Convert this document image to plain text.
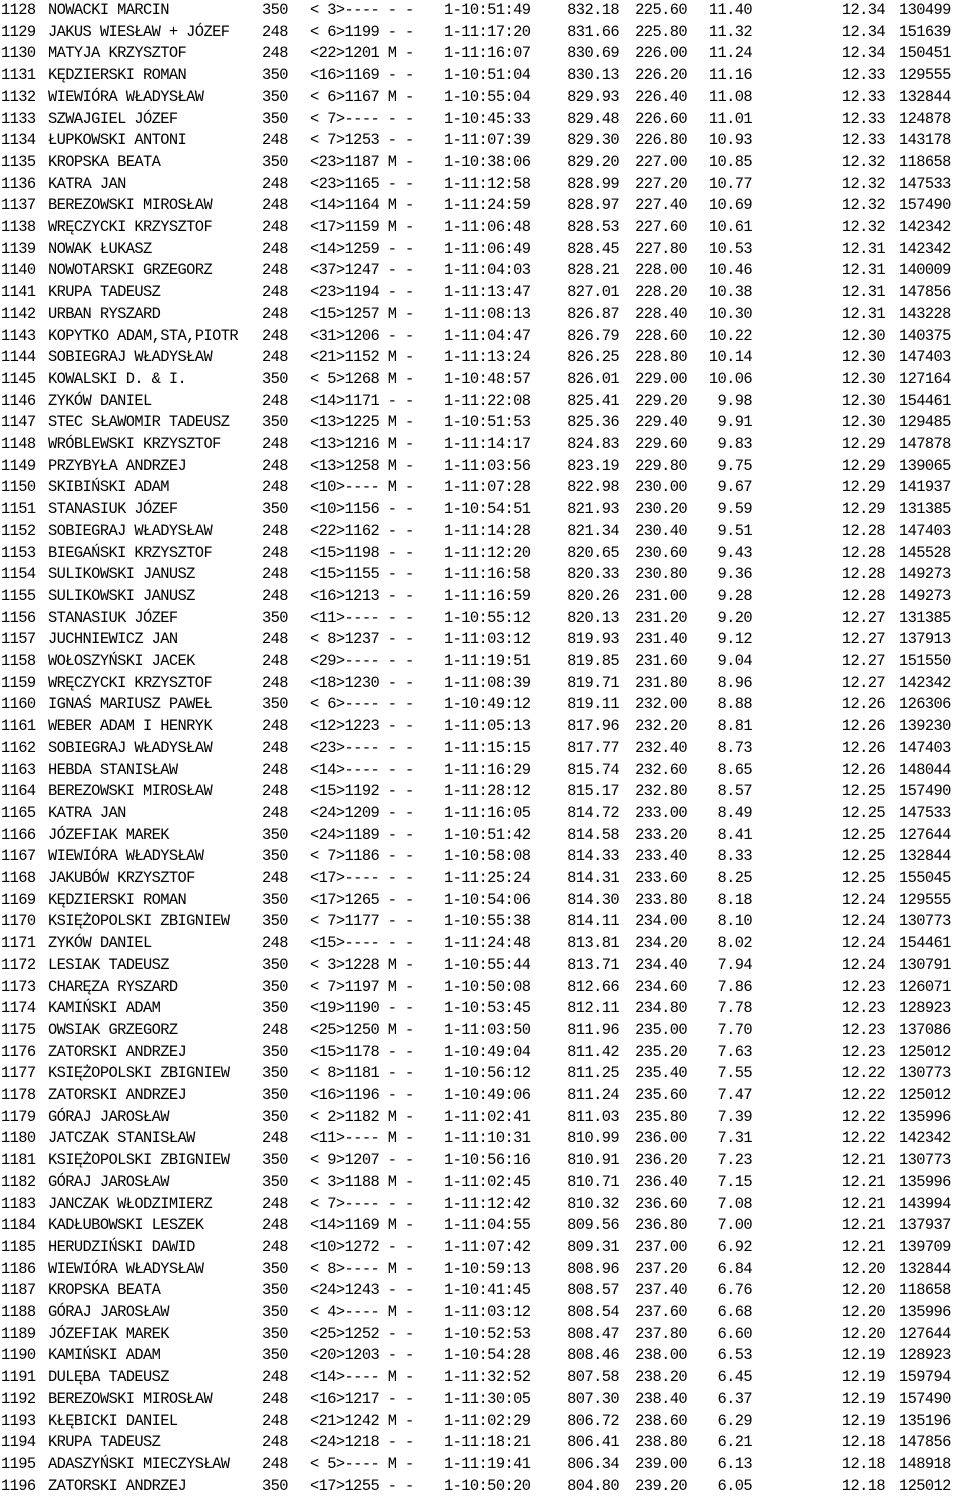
1128 NOWACKI MARCIN	350 < 3>---- - - 1-10:51:49 832.18 225.60 11.40	12.34 130499
1129 JAKUS WIESŁAW + JÓZEF 248 < 6>1199 - - 1-11:17:20 831.66 225.80 11.32	12.34 151639
1130 MATYJA KRZYSZTOF	248 <22>1201 M - 1-11:16:07 830.69 226.00 11.24	12.34 150451
1131 KĘDZIERSKI ROMAN	350 <16>1169 - - 1-10:51:04 830.13 226.20 11.16	12.33 129555
1132 WIEWIÓRA WŁADYSŁAW	350 < 6>1167 M - 1-10:55:04 829.93 226.40 11.08	12.33 132844
1133 SZWAJGIEL JÓZEF	350 < 7>---- - - 1-10:45:33 829.48 226.60 11.01	12.33 124878
1134 ŁUPKOWSKI ANTONI	248 < 7>1253 - - 1-11:07:39 829.30 226.80 10.93	12.33 143178
1135 KROPSKA BEATA	350 <23>1187 M - 1-10:38:06 829.20 227.00 10.85	12.32 118658
1136 KATRA JAN	248 <23>1165 - - 1-11:12:58 828.99 227.20 10.77	12.32 147533
1137 BEREZOWSKI MIROSŁAW	248 <14>1164 M - 1-11:24:59 828.97 227.40 10.69	12.32 157490
1138 WRĘCZYCKI KRZYSZTOF	248 <17>1159 M - 1-11:06:48 828.53 227.60 10.61	12.32 142342
1139 NOWAK ŁUKASZ	248 <14>1259 - - 1-11:06:49 828.45 227.80 10.53	12.31 142342
1140 NOWOTARSKI GRZEGORZ	248 <37>1247 - - 1-11:04:03 828.21 228.00 10.46	12.31 140009
1141 KRUPA TADEUSZ	248 <23>1194 - - 1-11:13:47 827.01 228.20 10.38	12.31 147856
1142 URBAN RYSZARD	248 <15>1257 M - 1-11:08:13 826.87 228.40 10.30	12.31 143228
1143 KOPYTKO ADAM,STA,PIOTR 248 <31>1206 - - 1-11:04:47 826.79 228.60 10.22	12.30 140375
1144 SOBIEGRAJ WŁADYSŁAW	248 <21>1152 M - 1-11:13:24 826.25 228.80 10.14	12.30 147403
1145 KOWALSKI D. & I.	350 < 5>1268 M - 1-10:48:57 826.01 229.00 10.06	12.30 127164
1146 ZYKÓW DANIEL	248 <14>1171 - - 1-11:22:08 825.41 229.20 9.98	12.30 154461
1147 STEC SŁAWOMIR TADEUSZ 350 <13>1225 M - 1-10:51:53 825.36 229.40 9.91	12.30 129485
1148 WRÓBLEWSKI KRZYSZTOF	248 <13>1216 M - 1-11:14:17 824.83 229.60 9.83	12.29 147878
1149 PRZYBYŁA ANDRZEJ	248 <13>1258 M - 1-11:03:56 823.19 229.80 9.75	12.29 139065
1150 SKIBIŃSKI ADAM	248 <10>---- M - 1-11:07:28 822.98 230.00 9.67	12.29 141937
1151 STANASIUK JÓZEF	350 <10>1156 - - 1-10:54:51 821.93 230.20 9.59	12.29 131385
1152 SOBIEGRAJ WŁADYSŁAW	248 <22>1162 - - 1-11:14:28 821.34 230.40 9.51	12.28 147403
1153 BIEGAŃSKI KRZYSZTOF	248 <15>1198 - - 1-11:12:20 820.65 230.60 9.43	12.28 145528
1154 SULIKOWSKI JANUSZ	248 <15>1155 - - 1-11:16:58 820.33 230.80 9.36	12.28 149273
1155 SULIKOWSKI JANUSZ	248 <16>1213 - - 1-11:16:59 820.26 231.00 9.28	12.28 149273
1156 STANASIUK JÓZEF	350 <11>---- - - 1-10:55:12 820.13 231.20 9.20	12.27 131385
1157 JUCHNIEWICZ JAN	248 < 8>1237 - - 1-11:03:12 819.93 231.40 9.12	12.27 137913
1158 WOŁOSZYŃSKI JACEK	248 <29>---- - - 1-11:19:51 819.85 231.60 9.04	12.27 151550
1159 WRĘCZYCKI KRZYSZTOF	248 <18>1230 - - 1-11:08:39 819.71 231.80 8.96	12.27 142342
1160 IGNAŚ MARIUSZ PAWEŁ	350 < 6>---- - - 1-10:49:12 819.11 232.00 8.88	12.26 126306
1161 WEBER ADAM I HENRYK	248 <12>1223 - - 1-11:05:13 817.96 232.20 8.81	12.26 139230
1162 SOBIEGRAJ WŁADYSŁAW	248 <23>---- - - 1-11:15:15 817.77 232.40 8.73	12.26 147403
1163 HEBDA STANISŁAW	248 <14>---- - - 1-11:16:29 815.74 232.60 8.65	12.26 148044
1164 BEREZOWSKI MIROSŁAW	248 <15>1192 - - 1-11:28:12 815.17 232.80 8.57	12.25 157490
1165 KATRA JAN	248 <24>1209 - - 1-11:16:05 814.72 233.00 8.49	12.25 147533
1166 JÓZEFIAK MAREK	350 <24>1189 - - 1-10:51:42 814.58 233.20 8.41	12.25 127644
1167 WIEWIÓRA WŁADYSŁAW	350 < 7>1186 - - 1-10:58:08 814.33 233.40 8.33	12.25 132844
1168 JAKUBÓW KRZYSZTOF	248 <17>---- - - 1-11:25:24 814.31 233.60 8.25	12.25 155045
1169 KĘDZIERSKI ROMAN	350 <17>1265 - - 1-10:54:06 814.30 233.80 8.18	12.24 129555
1170 KSIĘŻOPOLSKI ZBIGNIEW 350 < 7>1177 - - 1-10:55:38 814.11 234.00 8.10	12.24 130773
1171 ZYKÓW DANIEL	248 <15>---- - - 1-11:24:48 813.81 234.20 8.02	12.24 154461
1172 LESIAK TADEUSZ	350 < 3>1228 M - 1-10:55:44 813.71 234.40 7.94	12.24 130791
1173 CHARĘZA RYSZARD	350 < 7>1197 M - 1-10:50:08 812.66 234.60 7.86	12.23 126071
1174 KAMIŃSKI ADAM	350 <19>1190 - - 1-10:53:45 812.11 234.80 7.78	12.23 128923
1175 OWSIAK GRZEGORZ	248 <25>1250 M - 1-11:03:50 811.96 235.00 7.70	12.23 137086
1176 ZATORSKI ANDRZEJ	350 <15>1178 - - 1-10:49:04 811.42 235.20 7.63	12.23 125012
1177 KSIĘŻOPOLSKI ZBIGNIEW 350 < 8>1181 - - 1-10:56:12 811.25 235.40 7.55	12.22 130773
1178 ZATORSKI ANDRZEJ	350 <16>1196 - - 1-10:49:06 811.24 235.60 7.47	12.22 125012
1179 GÓRAJ JAROSŁAW	350 < 2>1182 M - 1-11:02:41 811.03 235.80 7.39	12.22 135996
1180 JATCZAK STANISŁAW	248 <11>---- M - 1-11:10:31 810.99 236.00 7.31	12.22 142342
1181 KSIĘŻOPOLSKI ZBIGNIEW 350 < 9>1207 - - 1-10:56:16 810.91 236.20 7.23	12.21 130773
1182 GÓRAJ JAROSŁAW	350 < 3>1188 M - 1-11:02:45 810.71 236.40 7.15	12.21 135996
1183 JANCZAK WŁODZIMIERZ	248 < 7>---- - - 1-11:12:42 810.32 236.60 7.08	12.21 143994
1184 KADŁUBOWSKI LESZEK	248 <14>1169 M - 1-11:04:55 809.56 236.80 7.00	12.21 137937
1185 HERUDZIŃSKI DAWID	248 <10>1272 - - 1-11:07:42 809.31 237.00 6.92	12.21 139709
1186 WIEWIÓRA WŁADYSŁAW	350 < 8>---- M - 1-10:59:13 808.96 237.20 6.84	12.20 132844
1187 KROPSKA BEATA	350 <24>1243 - - 1-10:41:45 808.57 237.40 6.76	12.20 118658
1188 GÓRAJ JAROSŁAW	350 < 4>---- M - 1-11:03:12 808.54 237.60 6.68	12.20 135996
1189 JÓZEFIAK MAREK	350 <25>1252 - - 1-10:52:53 808.47 237.80 6.60	12.20 127644
1190 KAMIŃSKI ADAM	350 <20>1203 - - 1-10:54:28 808.46 238.00 6.53	12.19 128923
1191 DULĘBA TADEUSZ	248 <14>---- M - 1-11:32:52 807.58 238.20 6.45	12.19 159794
1192 BEREZOWSKI MIROSŁAW	248 <16>1217 - - 1-11:30:05 807.30 238.40 6.37	12.19 157490
1193 KŁĘBICKI DANIEL	248 <21>1242 M - 1-11:02:29 806.72 238.60 6.29	12.19 135196
1194 KRUPA TADEUSZ	248 <24>1218 - - 1-11:18:21 806.41 238.80 6.21	12.18 147856
1195 ADASZYŃSKI MIECZYSŁAW 248 < 5>---- M - 1-11:19:41 806.34 239.00 6.13	12.18 148918
1196 ZATORSKI ANDRZEJ	350 <17>1255 - - 1-10:50:20 804.80 239.20 6.05	12.18 125012
